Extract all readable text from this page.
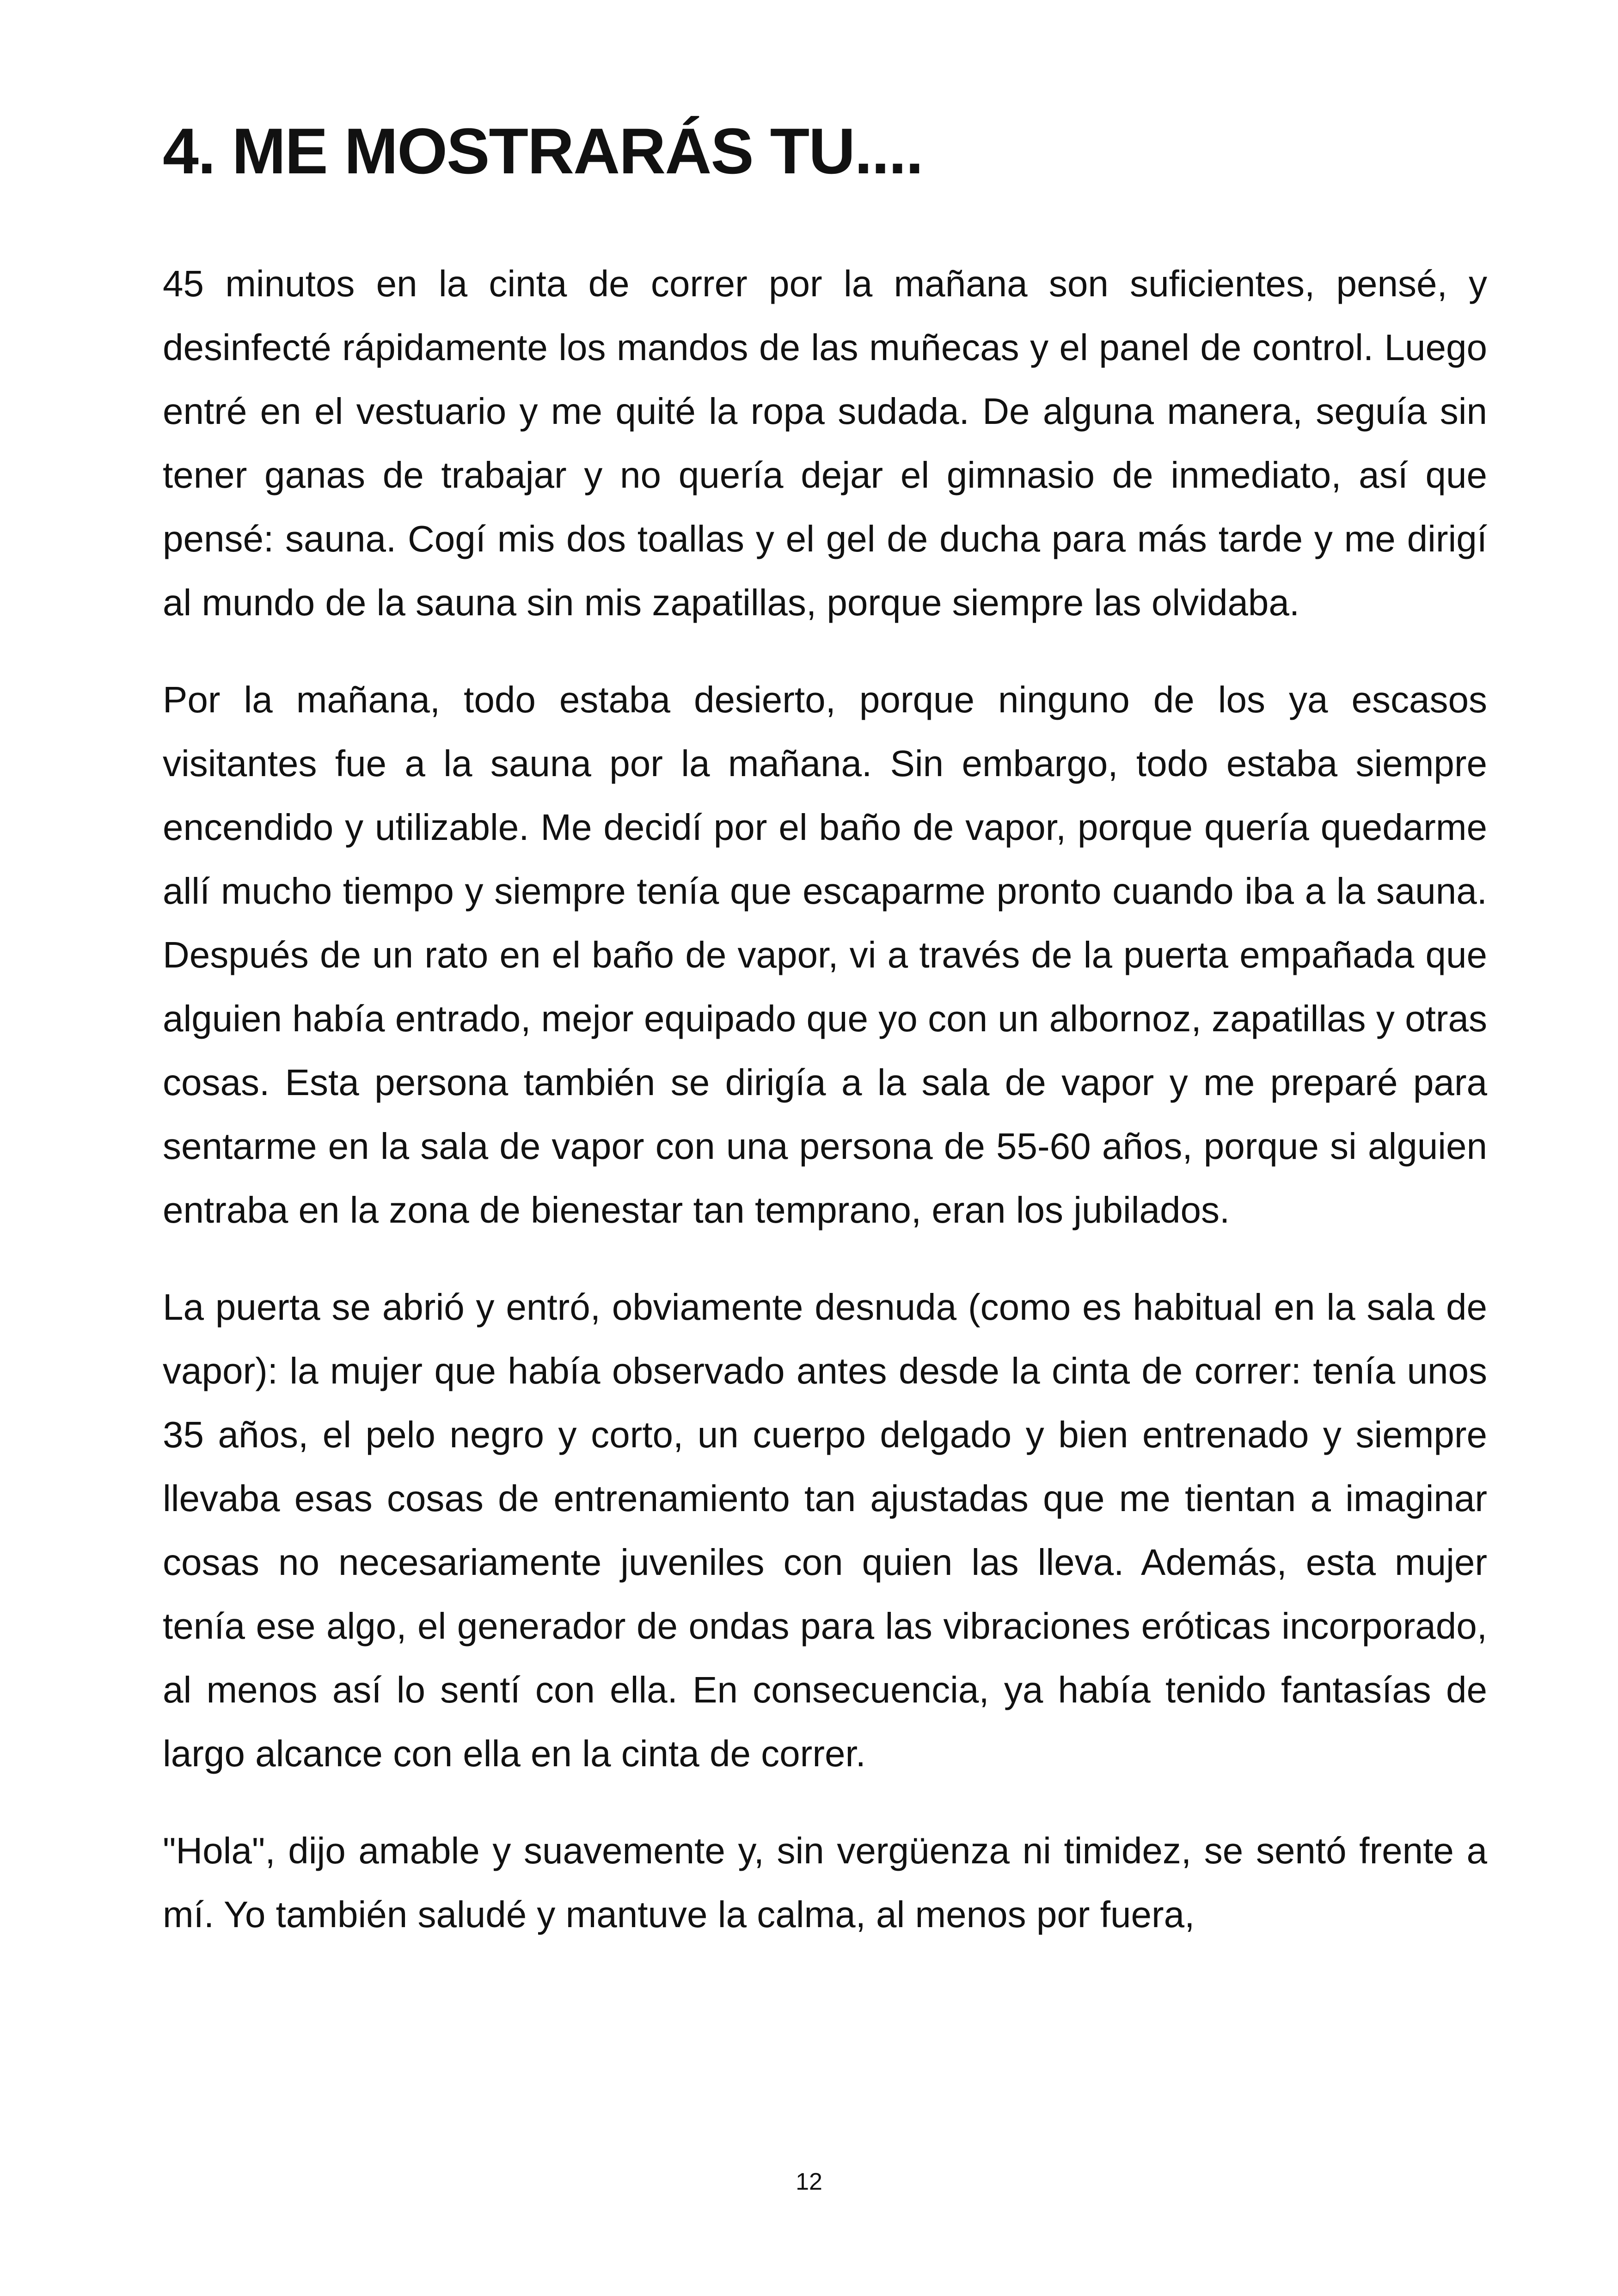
4. ME MOSTRARÁS TU....

45 minutos en la cinta de correr por la mañana son suficientes, pensé, y desinfecté rápidamente los mandos de las muñecas y el panel de control. Luego entré en el vestuario y me quité la ropa sudada. De alguna manera, seguía sin tener ganas de trabajar y no quería dejar el gimnasio de inmediato, así que pensé: sauna. Cogí mis dos toallas y el gel de ducha para más tarde y me dirigí al mundo de la sauna sin mis zapatillas, porque siempre las olvidaba.

Por la mañana, todo estaba desierto, porque ninguno de los ya escasos visitantes fue a la sauna por la mañana. Sin embargo, todo estaba siempre encendido y utilizable. Me decidí por el baño de vapor, porque quería quedarme allí mucho tiempo y siempre tenía que escaparme pronto cuando iba a la sauna. Después de un rato en el baño de vapor, vi a través de la puerta empañada que alguien había entrado, mejor equipado que yo con un albornoz, zapatillas y otras cosas. Esta persona también se dirigía a la sala de vapor y me preparé para sentarme en la sala de vapor con una persona de 55-60 años, porque si alguien entraba en la zona de bienestar tan temprano, eran los jubilados.

La puerta se abrió y entró, obviamente desnuda (como es habitual en la sala de vapor): la mujer que había observado antes desde la cinta de correr: tenía unos 35 años, el pelo negro y corto, un cuerpo delgado y bien entrenado y siempre llevaba esas cosas de entrenamiento tan ajustadas que me tientan a imaginar cosas no necesariamente juveniles con quien las lleva. Además, esta mujer tenía ese algo, el generador de ondas para las vibraciones eróticas incorporado, al menos así lo sentí con ella. En consecuencia, ya había tenido fantasías de largo alcance con ella en la cinta de correr.

"Hola", dijo amable y suavemente y, sin vergüenza ni timidez, se sentó frente a mí. Yo también saludé y mantuve la calma, al menos por fuera,

12
